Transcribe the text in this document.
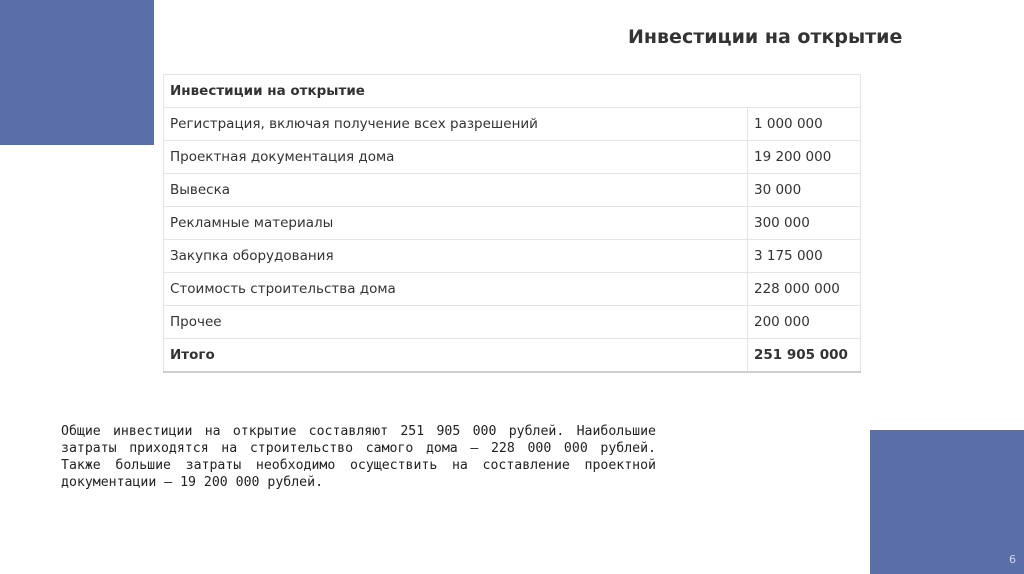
Инвестиции на открытие
Инвестиции на открытие	
Регистрация, включая получение всех разрешений	1 000 000
Проектная документация дома	19 200 000
Вывеска	30 000
Рекламные материалы	300 000
Закупка оборудования	3 175 000
Стоимость строительства дома	228 000 000
Прочее	200 000
Итого	251 905 000

Общие инвестиции на открытие составляют 251 905 000 рублей. Наибольшие затраты приходятся на строительство самого дома — 228 000 000 рублей. Также большие затраты необходимо осуществить на составление проектной документации — 19 200 000 рублей.

6
